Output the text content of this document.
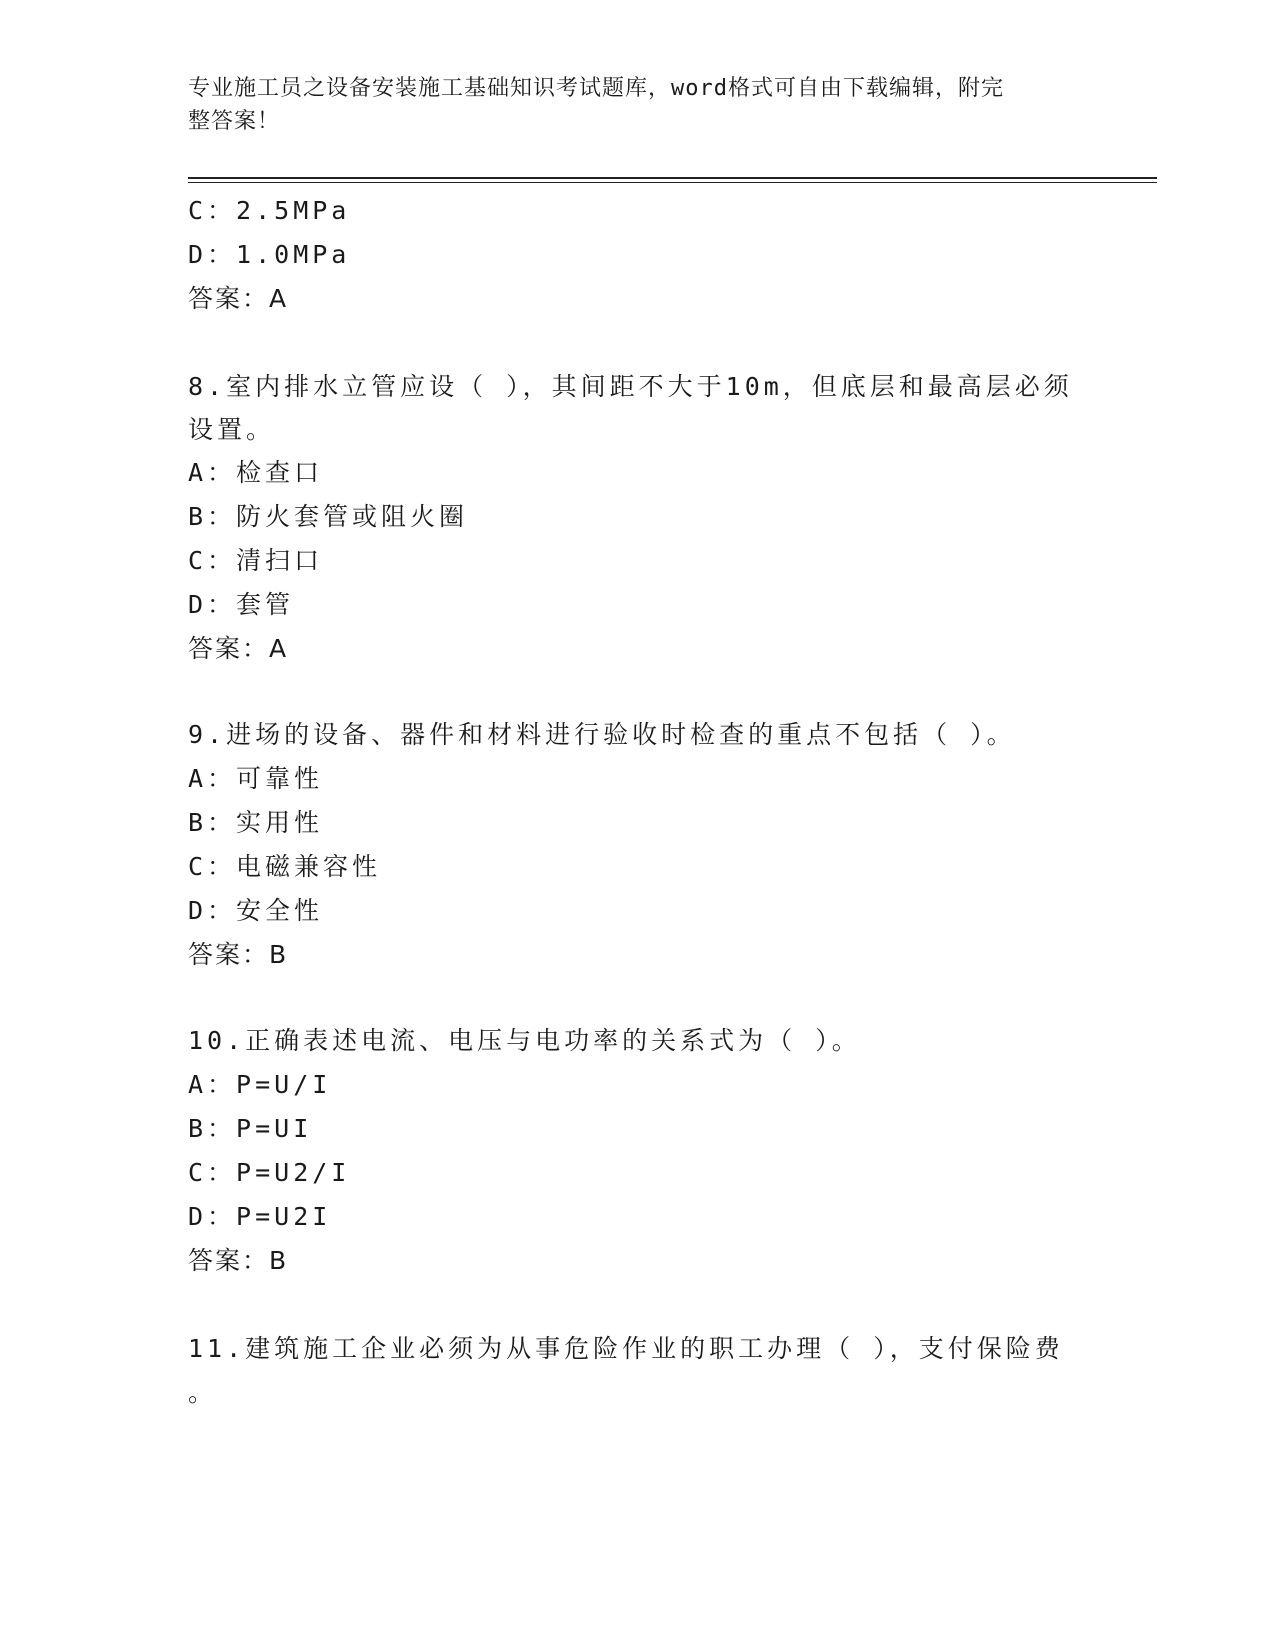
专业施工员之设备安装施工基础知识考试题库，word格式可自由下载编辑，附完
整答案！
C：2.5MPa
D：1.0MPa
答案：A
8.室内排水立管应设（ ），其间距不大于10m，但底层和最高层必须
设置。
A：检查口
B：防火套管或阻火圈
C：清扫口
D：套管
答案：A
9.进场的设备、器件和材料进行验收时检查的重点不包括（ ）。
A：可靠性
B：实用性
C：电磁兼容性
D：安全性
答案：B
10.正确表述电流、电压与电功率的关系式为（ ）。
A：P=U/I
B：P=UI
C：P=U2/I
D：P=U2I
答案：B
11.建筑施工企业必须为从事危险作业的职工办理（ ），支付保险费
。
